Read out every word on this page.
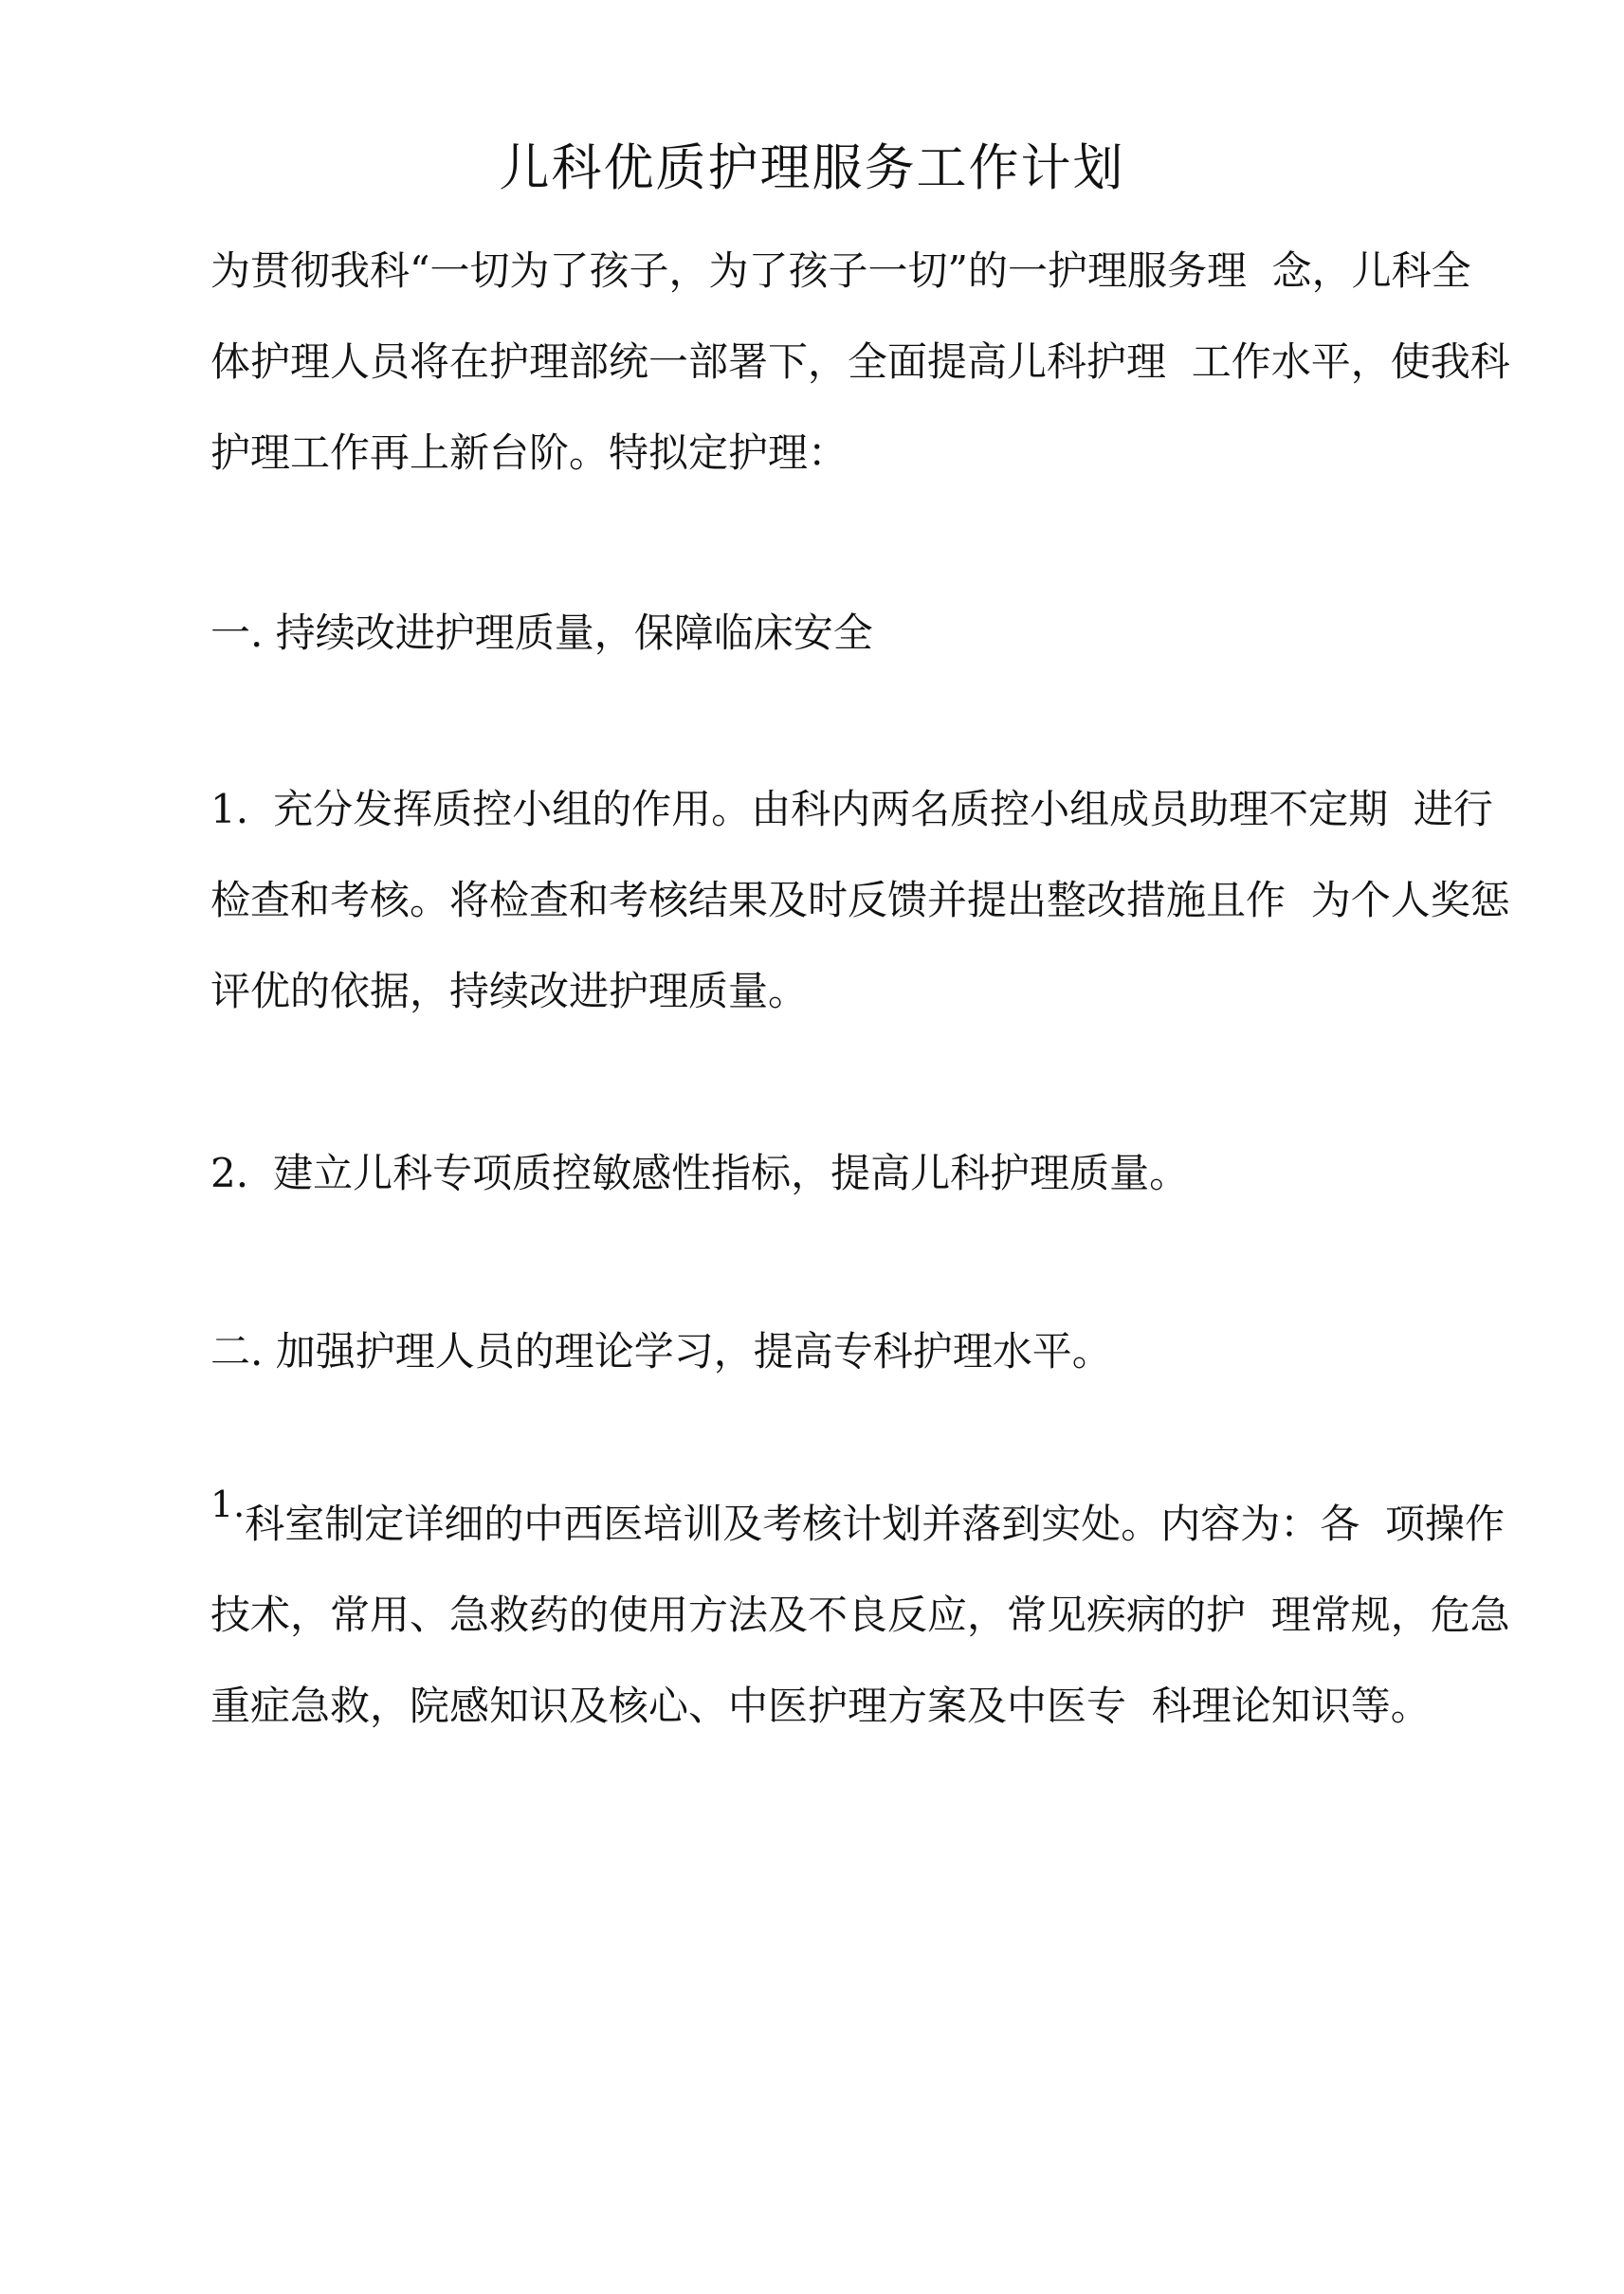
儿科优质护理服务工作计划

为贯彻我科“一切为了孩子，为了孩子一切”的一护理服务理  念，儿科全

体护理人员将在护理部统一部署下，全面提高儿科护理  工作水平，使我科

护理工作再上新台阶。特拟定护理：

一. 持续改进护理质量，保障临床安全

1. 充分发挥质控小组的作用。由科内两名质控小组成员助理不定期  进行

检查和考核。将检查和考核结果及时反馈并提出整改措施且作  为个人奖惩

评优的依据，持续改进护理质量。

2. 建立儿科专项质控敏感性指标，提高儿科护理质量。

二. 加强护理人员的理论学习，提高专科护理水平。

1.科室制定详细的中西医培训及考核计划并落到实处。内容为：各  项操作

技术，常用、急救药的使用方法及不良反应，常见疾病的护  理常规，危急

重症急救，院感知识及核心、中医护理方案及中医专  科理论知识等。
